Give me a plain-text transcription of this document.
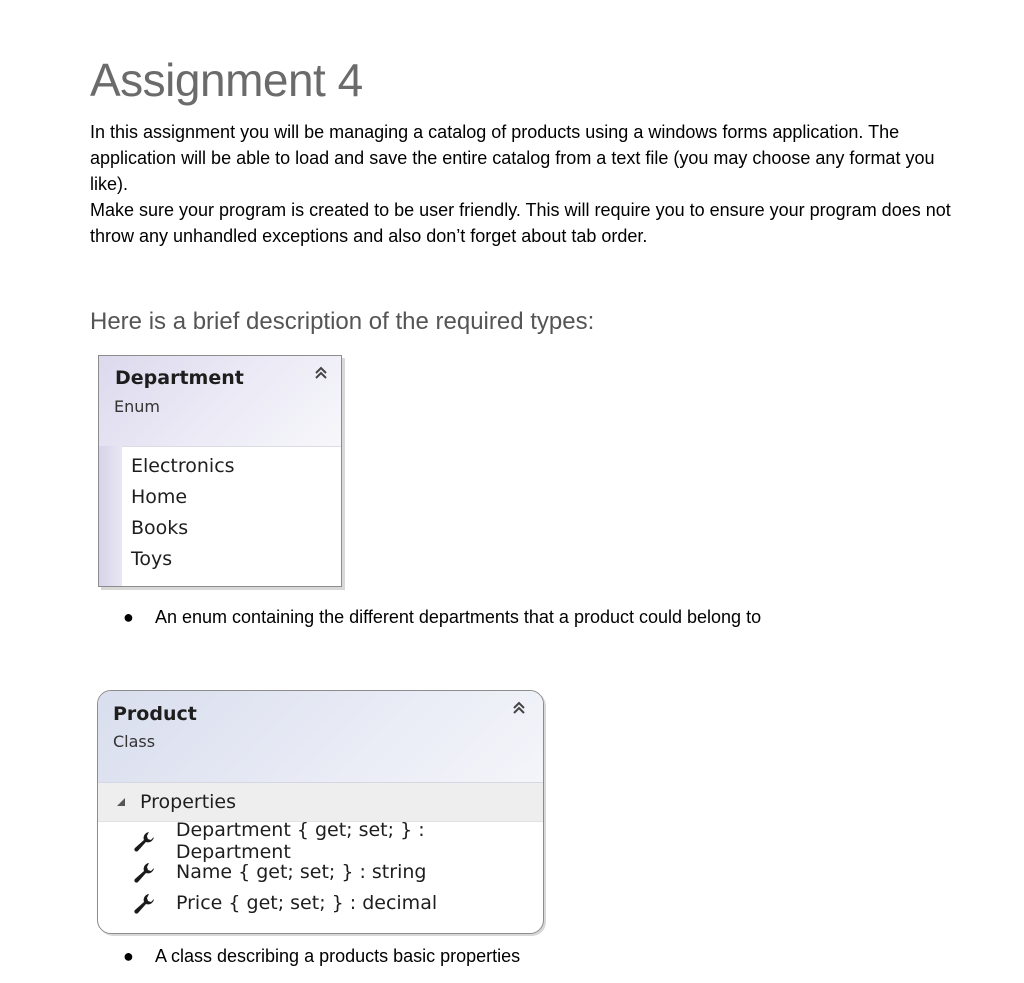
Assignment 4

In this assignment you will be managing a catalog of products using a windows forms application. The application will be able to load and save the entire catalog from a text file (you may choose any format you like).

Make sure your program is created to be user friendly. This will require you to ensure your program does not throw any unhandled exceptions and also don’t forget about tab order.

Here is a brief description of the required types:
Department
Enum
Electronics
Home
Books
Toys
● An enum containing the different departments that a product could belong to
Product
Class
Properties
Department { get; set; } : Department
Name { get; set; } : string
Price { get; set; } : decimal
● A class describing a products basic properties
